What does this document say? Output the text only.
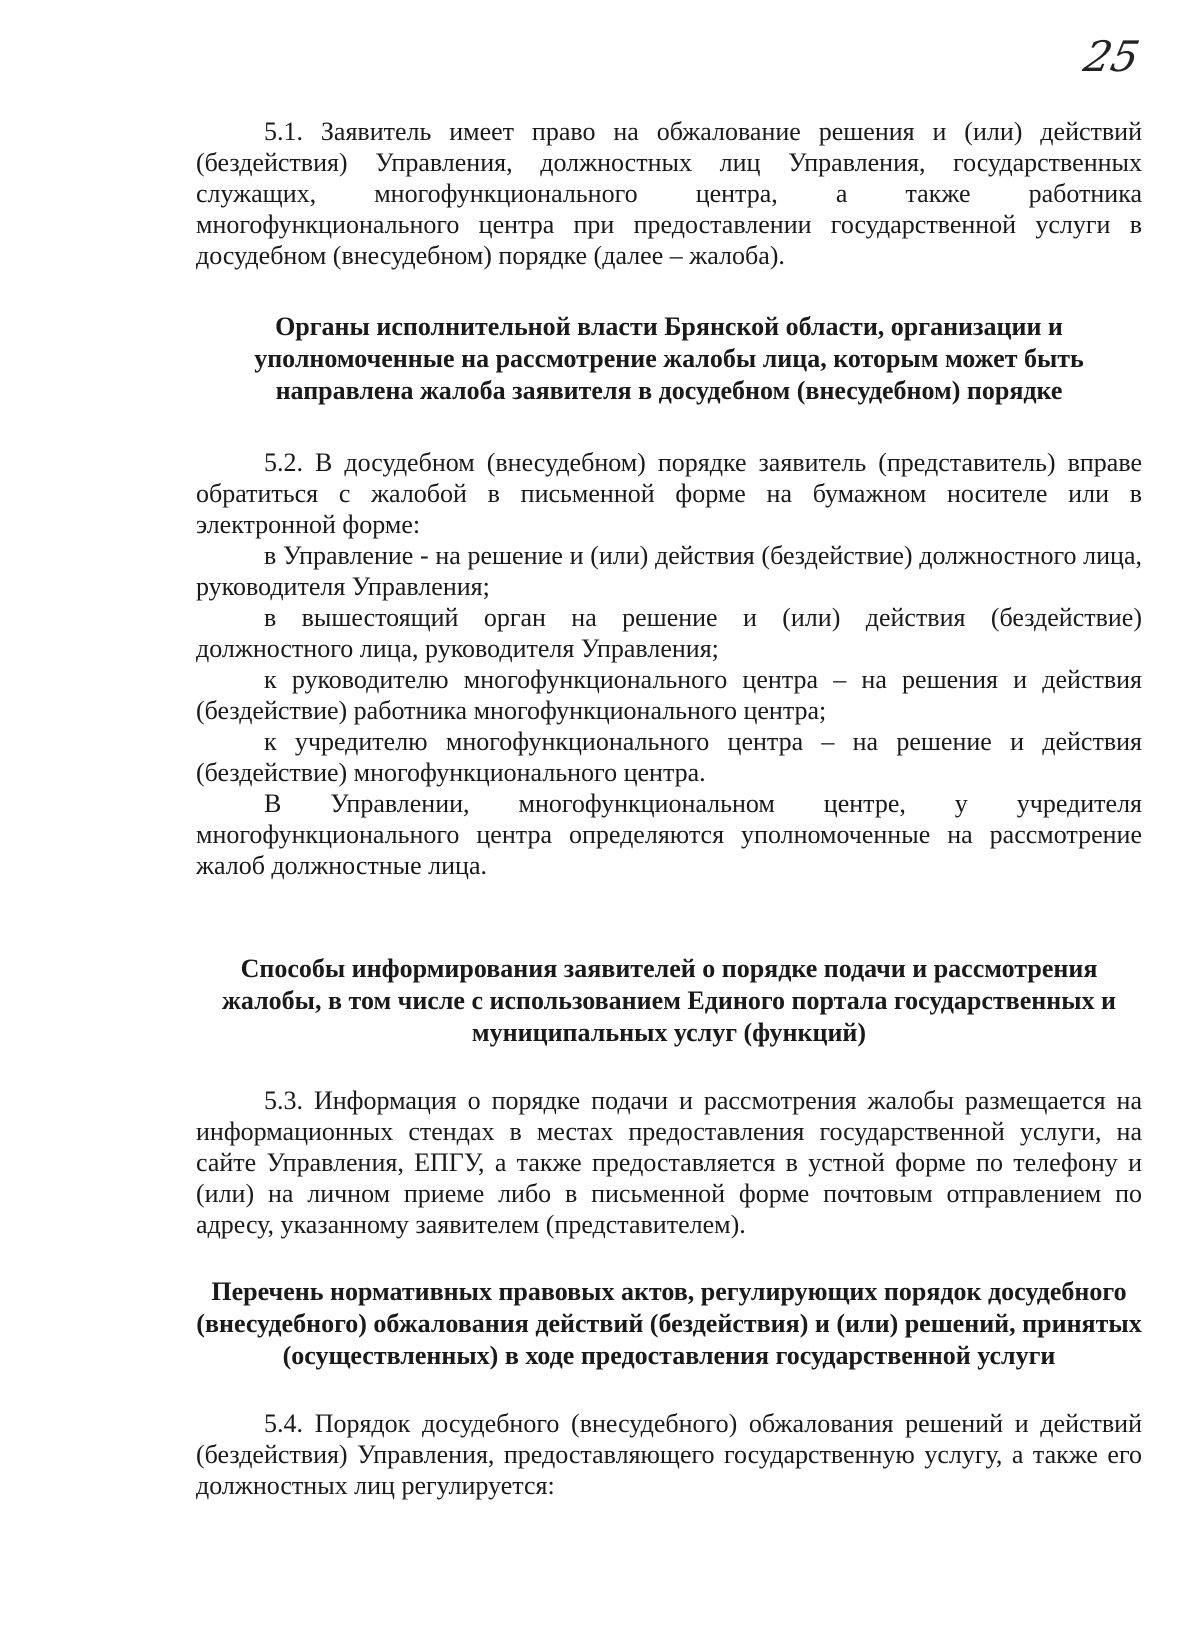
25

5.1. Заявитель имеет право на обжалование решения и (или) действий (бездействия) Управления, должностных лиц Управления, государственных служащих, многофункционального центра, а также работника многофункционального центра при предоставлении государственной услуги в досудебном (внесудебном) порядке (далее – жалоба).

Органы исполнительной власти Брянской области, организации и уполномоченные на рассмотрение жалобы лица, которым может быть направлена жалоба заявителя в досудебном (внесудебном) порядке

5.2. В досудебном (внесудебном) порядке заявитель (представитель) вправе обратиться с жалобой в письменной форме на бумажном носителе или в электронной форме:

в Управление - на решение и (или) действия (бездействие) должностного лица, руководителя Управления;

в вышестоящий орган на решение и (или) действия (бездействие) должностного лица, руководителя Управления;

к руководителю многофункционального центра – на решения и действия (бездействие) работника многофункционального центра;

к учредителю многофункционального центра – на решение и действия (бездействие) многофункционального центра.

В Управлении, многофункциональном центре, у учредителя многофункционального центра определяются уполномоченные на рассмотрение жалоб должностные лица.

Способы информирования заявителей о порядке подачи и рассмотрения жалобы, в том числе с использованием Единого портала государственных и муниципальных услуг (функций)

5.3. Информация о порядке подачи и рассмотрения жалобы размещается на информационных стендах в местах предоставления государственной услуги, на сайте Управления, ЕПГУ, а также предоставляется в устной форме по телефону и (или) на личном приеме либо в письменной форме почтовым отправлением по адресу, указанному заявителем (представителем).

Перечень нормативных правовых актов, регулирующих порядок досудебного (внесудебного) обжалования действий (бездействия) и (или) решений, принятых (осуществленных) в ходе предоставления государственной услуги

5.4. Порядок досудебного (внесудебного) обжалования решений и действий (бездействия) Управления, предоставляющего государственную услугу, а также его должностных лиц регулируется:
